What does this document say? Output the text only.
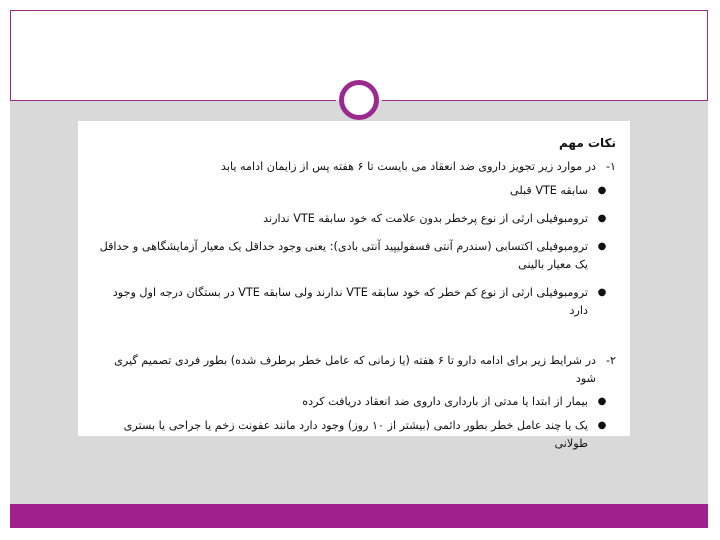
نکات مهم
۱-
در موارد زیر تجویز داروی ضد انعقاد می بایست تا ۶ هفته پس از زایمان ادامه یابد
●
سابقه VTE قبلی
●
ترومبوفیلی ارثی از نوع پرخطر بدون علامت که خود سابقه VTE ندارند
●
ترومبوفیلی اکتسابی (سندرم آنتی فسفولیپید آنتی بادی): یعنی وجود حداقل یک معیار آزمایشگاهی و حداقل یک معیار بالینی
●
ترومبوفیلی ارثی از نوع کم خطر که خود سابقه VTE ندارند ولی سابقه VTE در بستگان درجه اول وجود دارد
۲-
در شرایط زیر برای ادامه دارو تا ۶ هفته (یا زمانی که عامل خطر برطرف شده) بطور فردی تصمیم گیری شود
●
بیمار از ابتدا یا مدتی از بارداری داروی ضد انعقاد دریافت کرده
●
یک یا چند عامل خطر بطور دائمی (بیشتر از ۱۰ روز) وجود دارد مانند عفونت زخم یا جراحی یا بستری طولانی
